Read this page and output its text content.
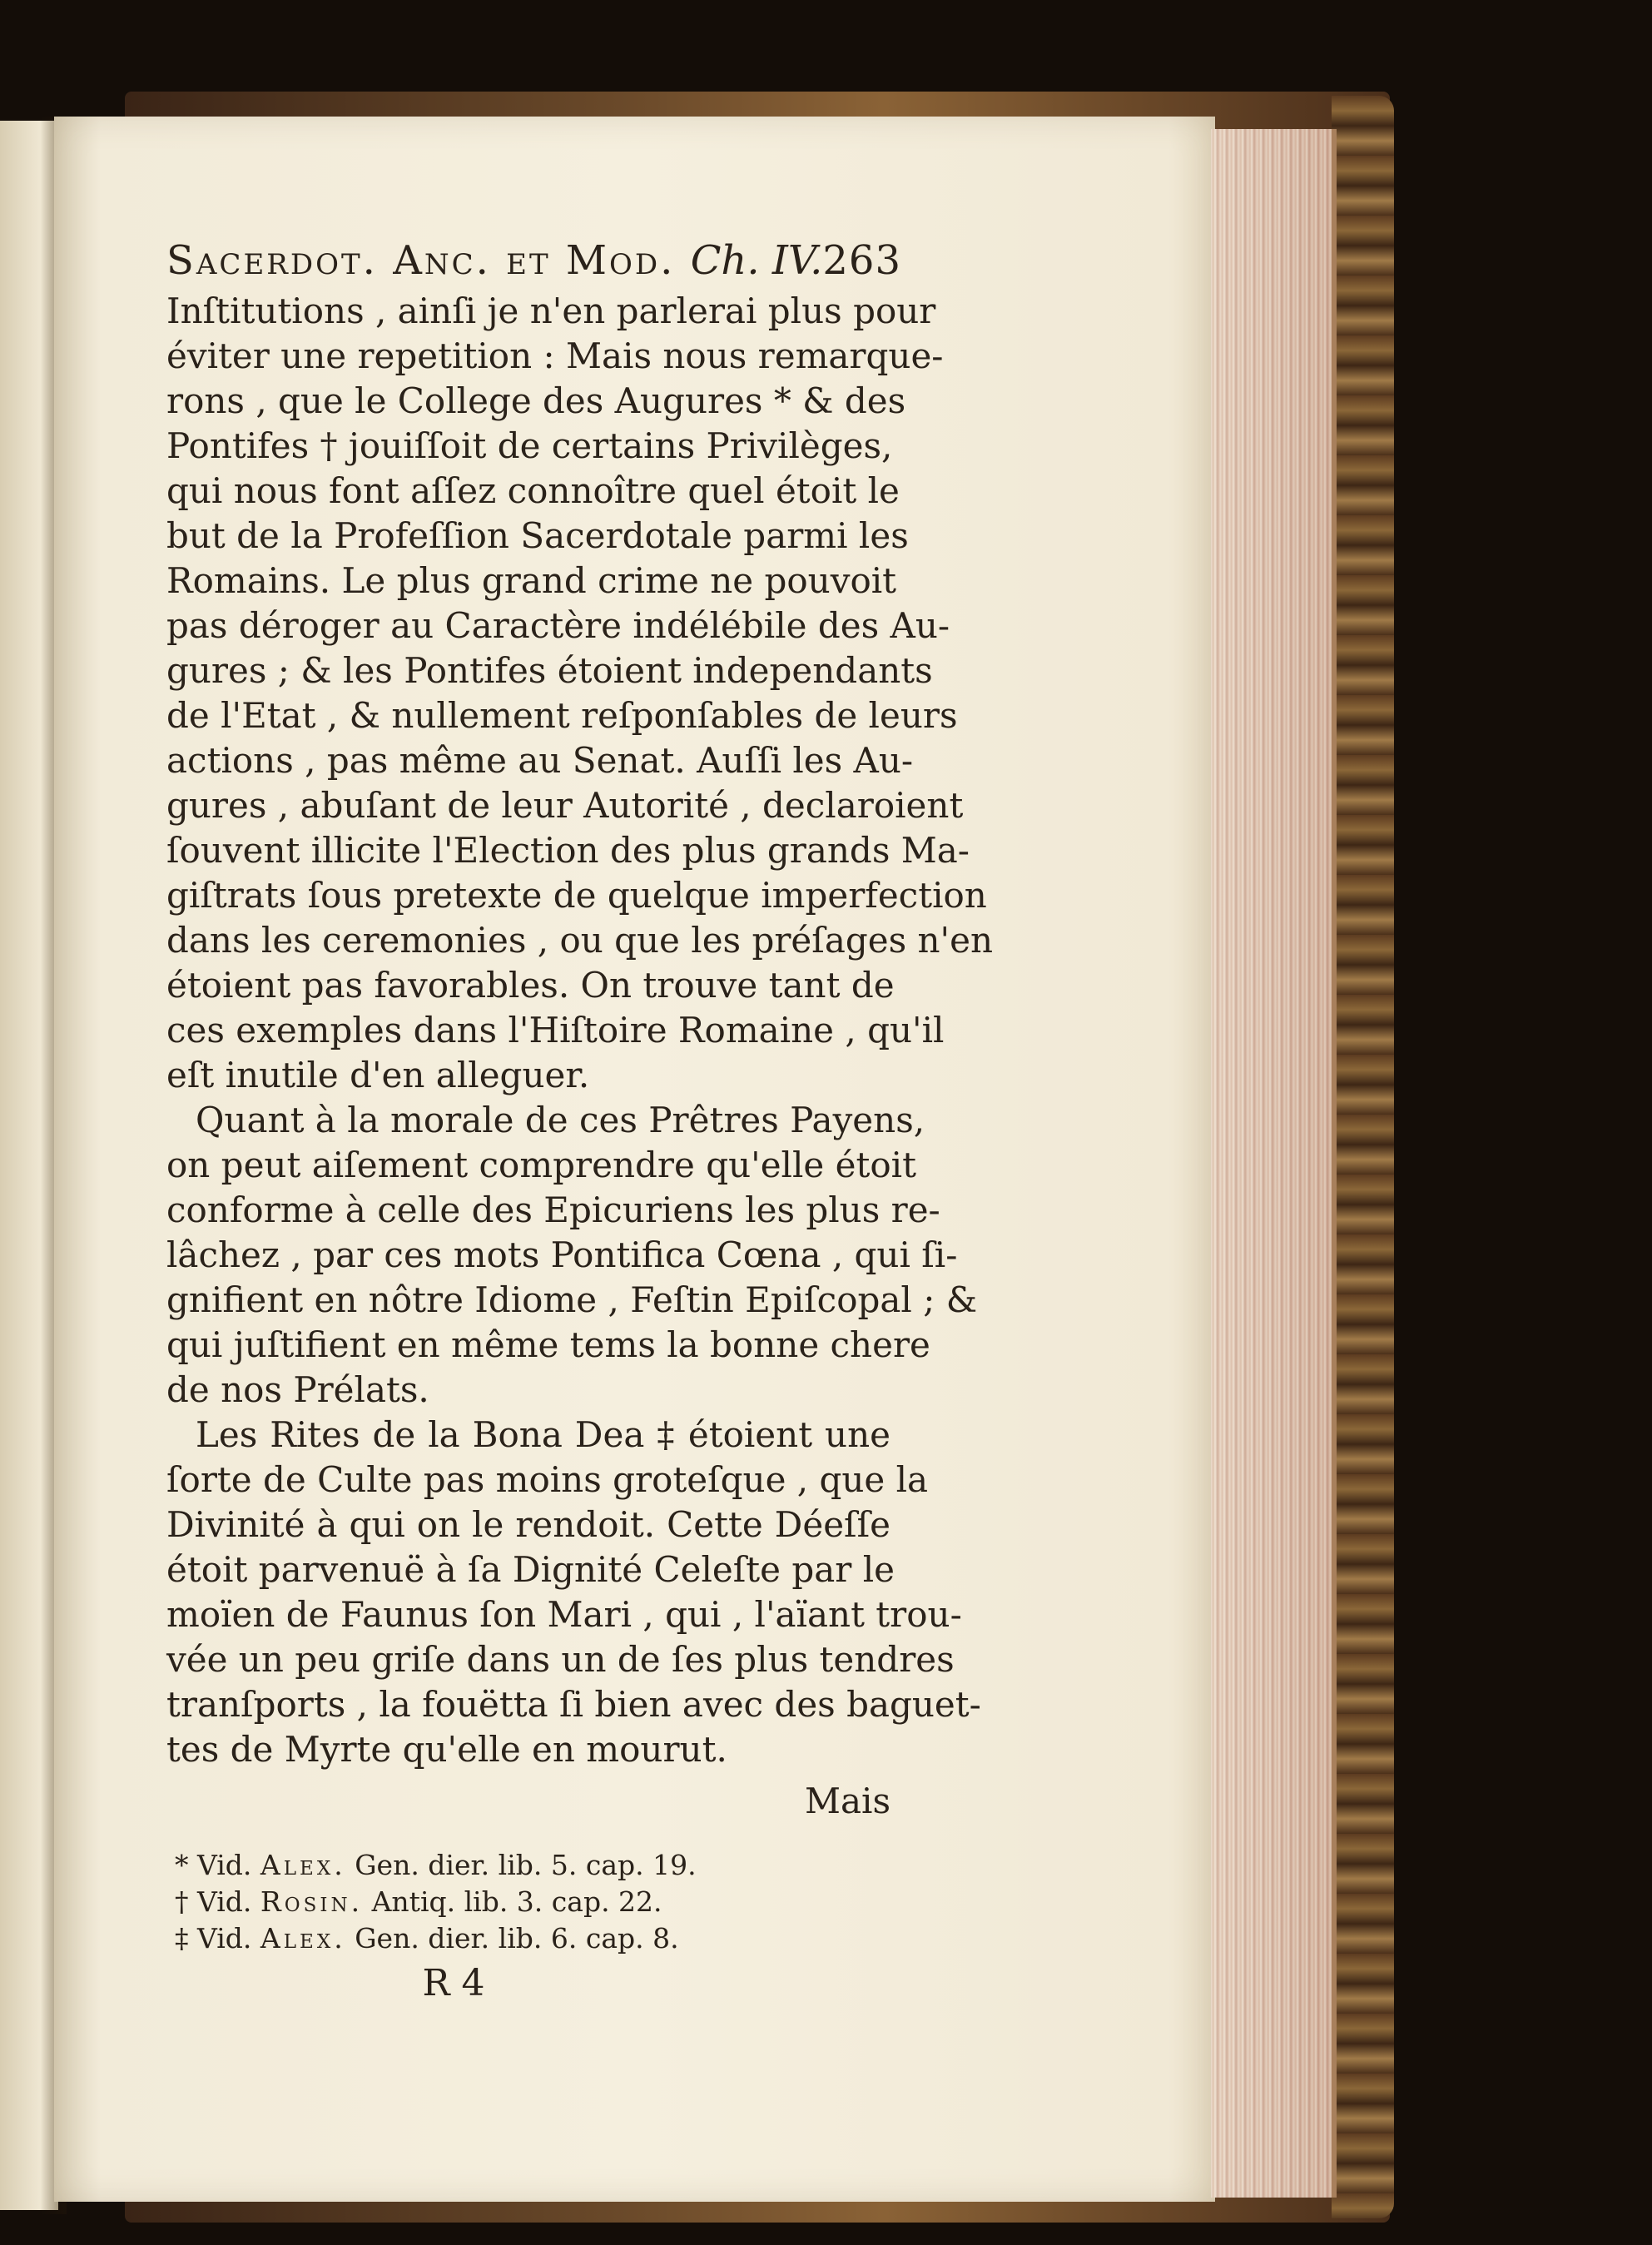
Sacerdot. Anc. et Mod. Ch. IV. 263
Inſtitutions , ainſi je n'en parlerai plus pour
éviter une repetition : Mais nous remarque-
rons , que le College des Augures * & des
Pontifes † jouiſſoit de certains Privilèges,
qui nous font aſſez connoître quel étoit le
but de la Profeſſion Sacerdotale parmi les
Romains. Le plus grand crime ne pouvoit
pas déroger au Caractère indélébile des Au-
gures ; & les Pontifes étoient independants
de l'Etat , & nullement reſponſables de leurs
actions , pas même au Senat. Auſſi les Au-
gures , abuſant de leur Autorité , declaroient
ſouvent illicite l'Election des plus grands Ma-
giſtrats ſous pretexte de quelque imperfection
dans les ceremonies , ou que les préſages n'en
étoient pas favorables. On trouve tant de
ces exemples dans l'Hiſtoire Romaine , qu'il
eſt inutile d'en alleguer.
Quant à la morale de ces Prêtres Payens,
on peut aiſement comprendre qu'elle étoit
conforme à celle des Epicuriens les plus re-
lâchez , par ces mots Pontifica Cœna , qui ſi-
gnifient en nôtre Idiome , Feſtin Epiſcopal ; &
qui juſtifient en même tems la bonne chere
de nos Prélats.
Les Rites de la Bona Dea ‡ étoient une
ſorte de Culte pas moins groteſque , que la
Divinité à qui on le rendoit. Cette Déeſſe
étoit parvenuë à ſa Dignité Celeſte par le
moïen de Faunus ſon Mari , qui , l'aïant trou-
vée un peu griſe dans un de ſes plus tendres
tranſports , la fouëtta ſi bien avec des baguet-
tes de Myrte qu'elle en mourut.
Mais
* Vid. Alex. Gen. dier. lib. 5. cap. 19.
† Vid. Rosin. Antiq. lib. 3. cap. 22.
‡ Vid. Alex. Gen. dier. lib. 6. cap. 8.
R 4
